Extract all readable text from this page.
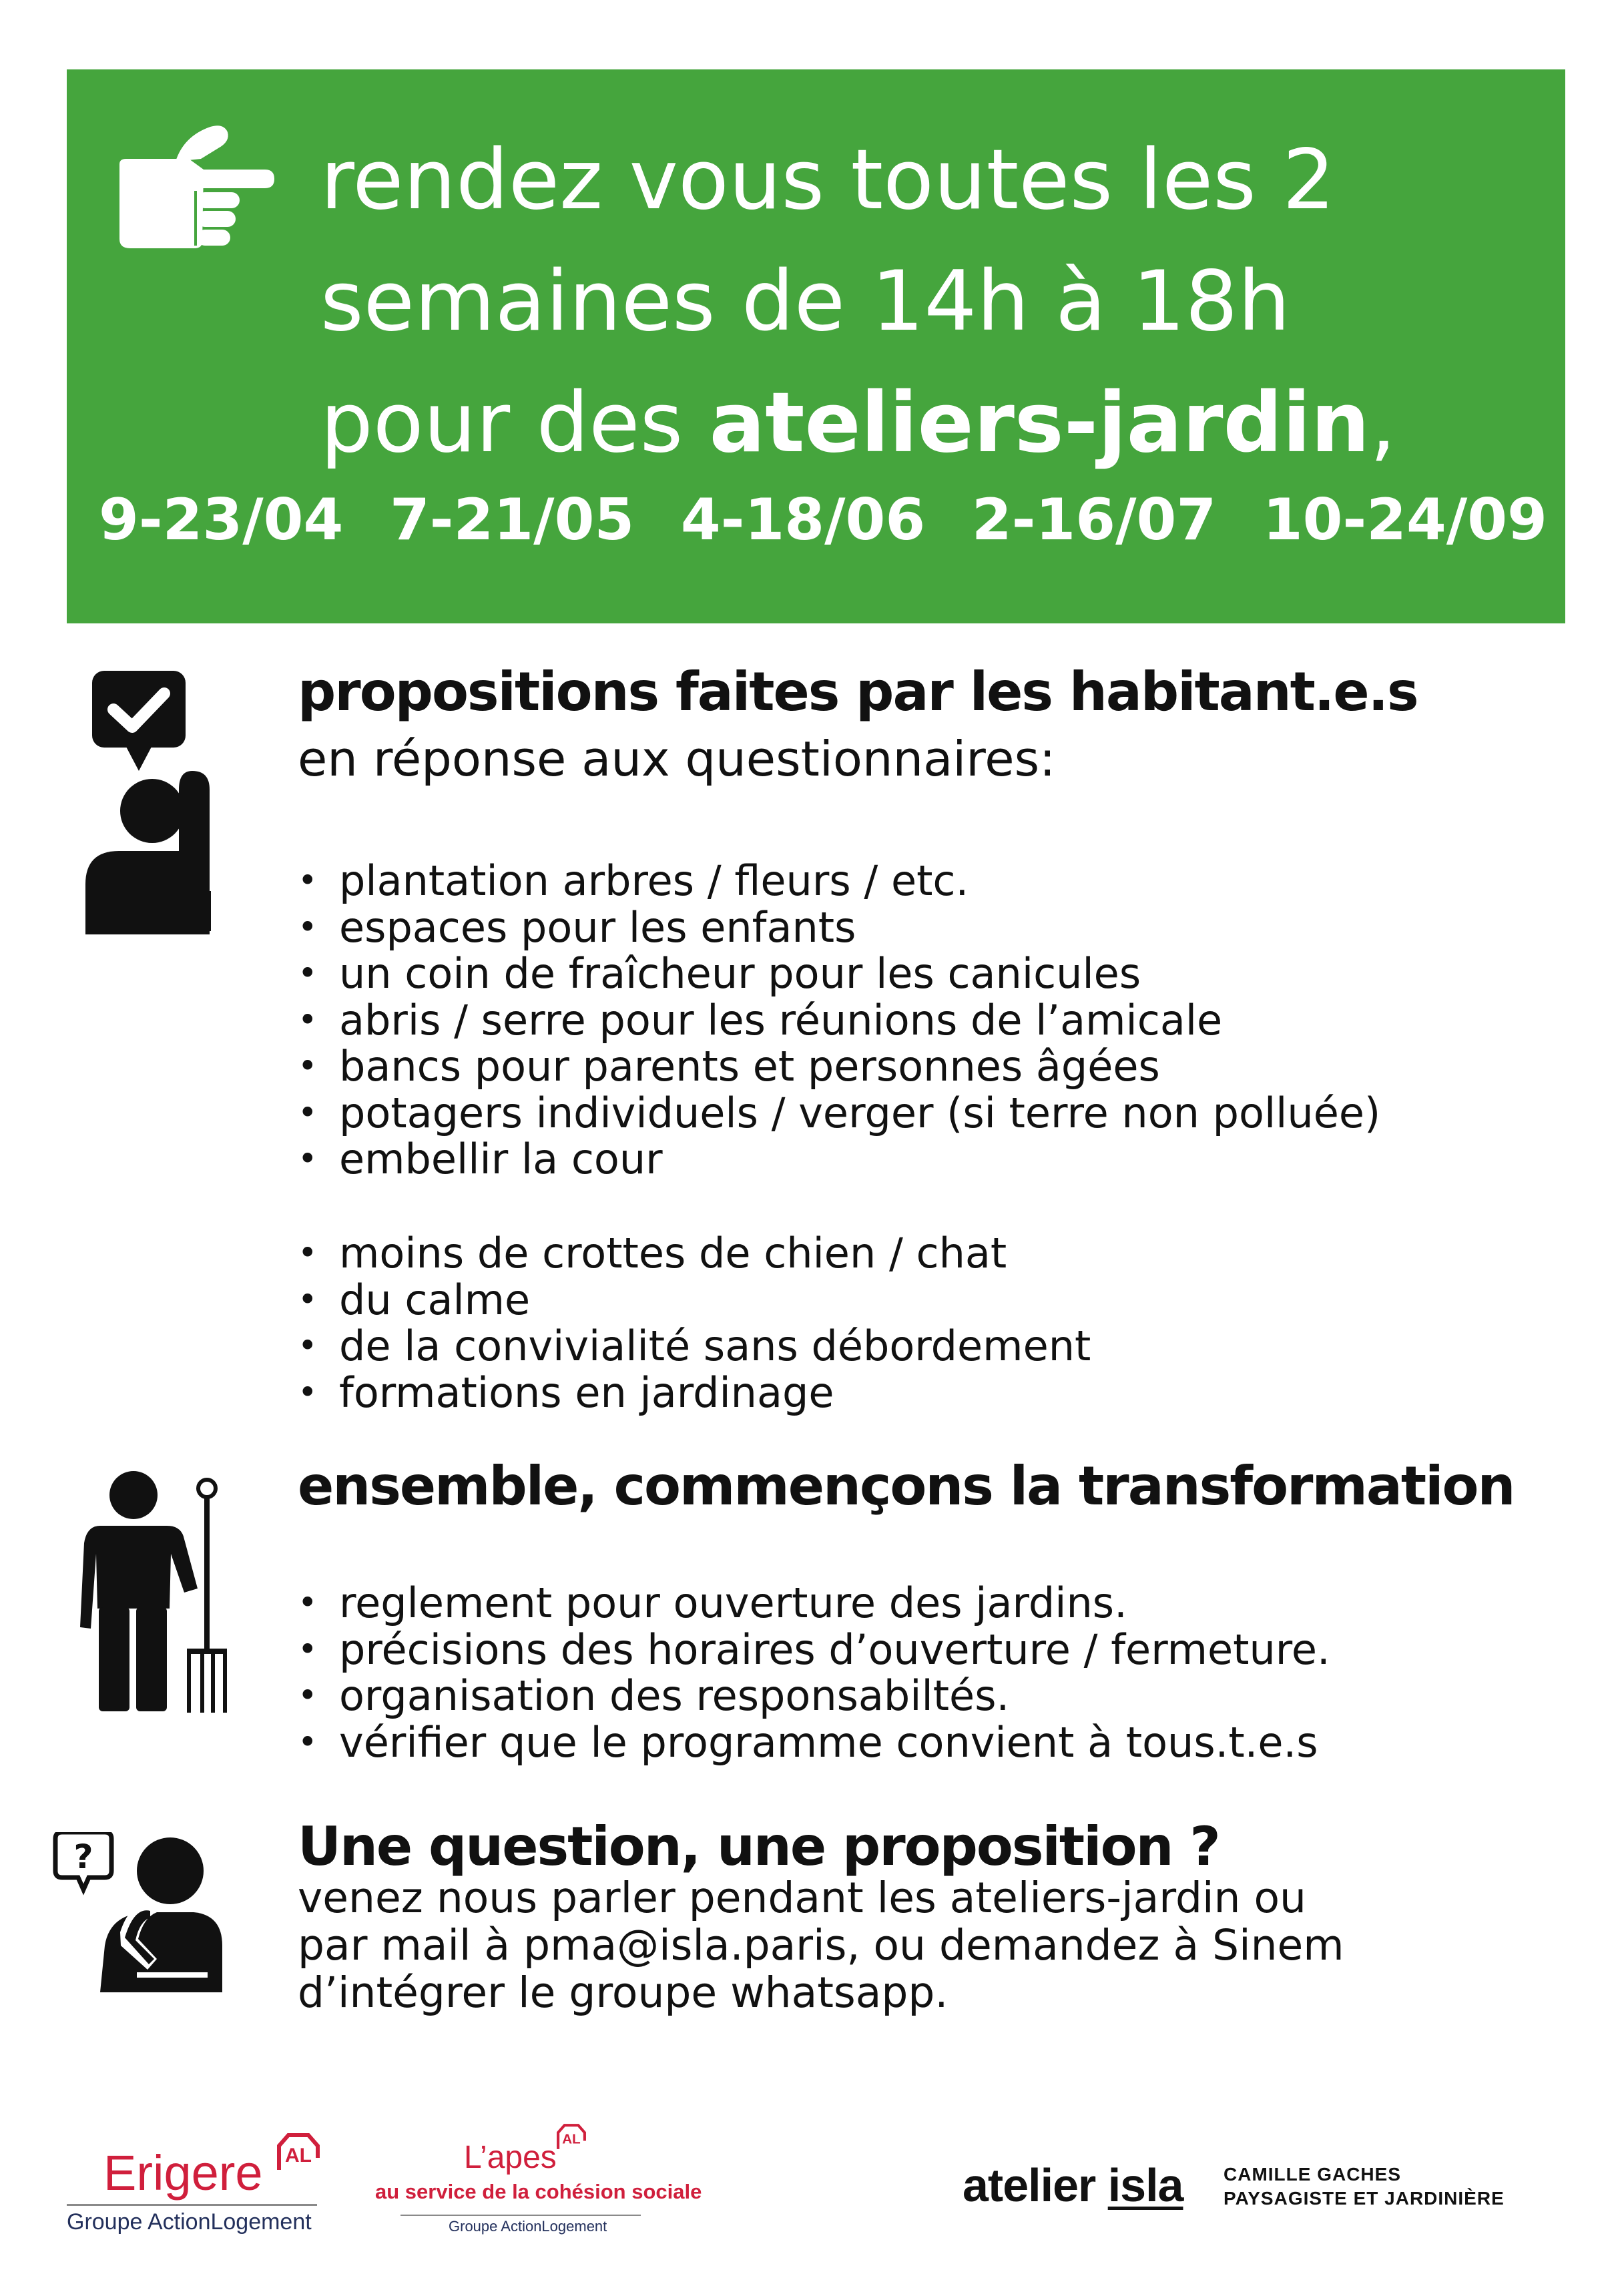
rendez vous toutes les 2
semaines de 14h à 18h
pour des ateliers-jardin,
9-23/04 7-21/05 4-18/06 2-16/07 10-24/09
propositions faites par les habitant.e.s
en réponse aux questionnaires:
• plantation arbres / fleurs / etc.
• espaces pour les enfants
• un coin de fraîcheur pour les canicules
• abris / serre pour les réunions de l’amicale
• bancs pour parents et personnes âgées
• potagers individuels / verger (si terre non polluée)
• embellir la cour
• moins de crottes de chien / chat
• du calme
• de la convivialité sans débordement
• formations en jardinage
ensemble, commençons la transformation
• reglement pour ouverture des jardins.
• précisions des horaires d’ouverture / fermeture.
• organisation des responsabiltés.
• vérifier que le programme convient à tous.t.e.s
?	Une question, une proposition ?
venez nous parler pendant les ateliers-jardin ou
par mail à pma@isla.paris, ou demandez à Sinem
d’intégrer le groupe whatsapp.
Erigere AL
Groupe ActionLogement
L’apes
AL
au service de la cohésion sociale
Groupe ActionLogement
atelier isla CAMILLE GACHES
PAYSAGISTE ET JARDINIÈRE
